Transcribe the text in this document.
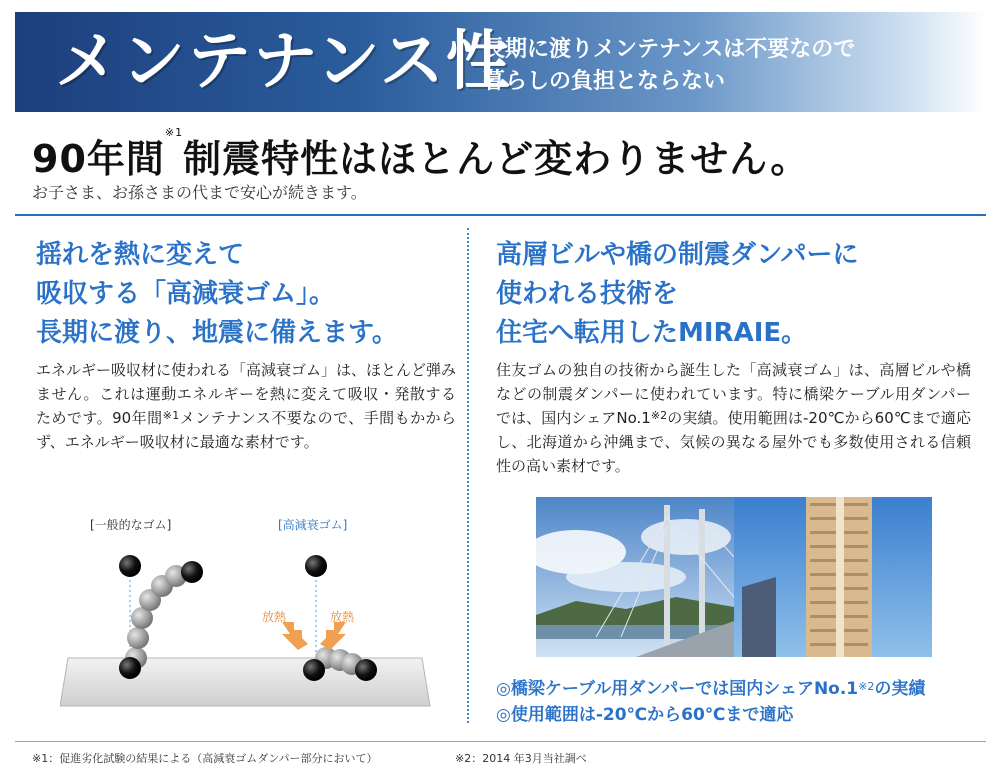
メンテナンス性
長期に渡りメンテナンスは不要なので
暮らしの負担とならない
90年間$^{※1}$制震特性はほとんど変わりません。
お子さま、お孫さまの代まで安心が続きます。
揺れを熱に変えて
吸収する「高減衰ゴム」。
長期に渡り、地震に備えます。
エネルギー吸収材に使われる「高減衰ゴム」は、ほとんど弾みません。これは運動エネルギーを熱に変えて吸収・発散するためです。90年間$^{※1}$メンテナンス不要なので、手間もかからず、エネルギー吸収材に最適な素材です。
[一般的なゴム]	[高減衰ゴム]
放熱	放熱
高層ビルや橋の制震ダンパーに
使われる技術を
住宅へ転用したMIRAIE。
住友ゴムの独自の技術から誕生した「高減衰ゴム」は、高層ビルや橋などの制震ダンパーに使われています。特に橋梁ケーブル用ダンパーでは、国内シェアNo.1$^{※2}$の実績。使用範囲は-20℃から60℃まで適応し、北海道から沖縄まで、気候の異なる屋外でも多数使用される信頼性の高い素材です。
◎橋梁ケーブル用ダンパーでは国内シェアNo.1$^{※2}$の実績
◎使用範囲は-20℃から60℃まで適応
※1：促進劣化試験の結果による（高減衰ゴムダンパー部分において）	※2：2014 年3月当社調べ
